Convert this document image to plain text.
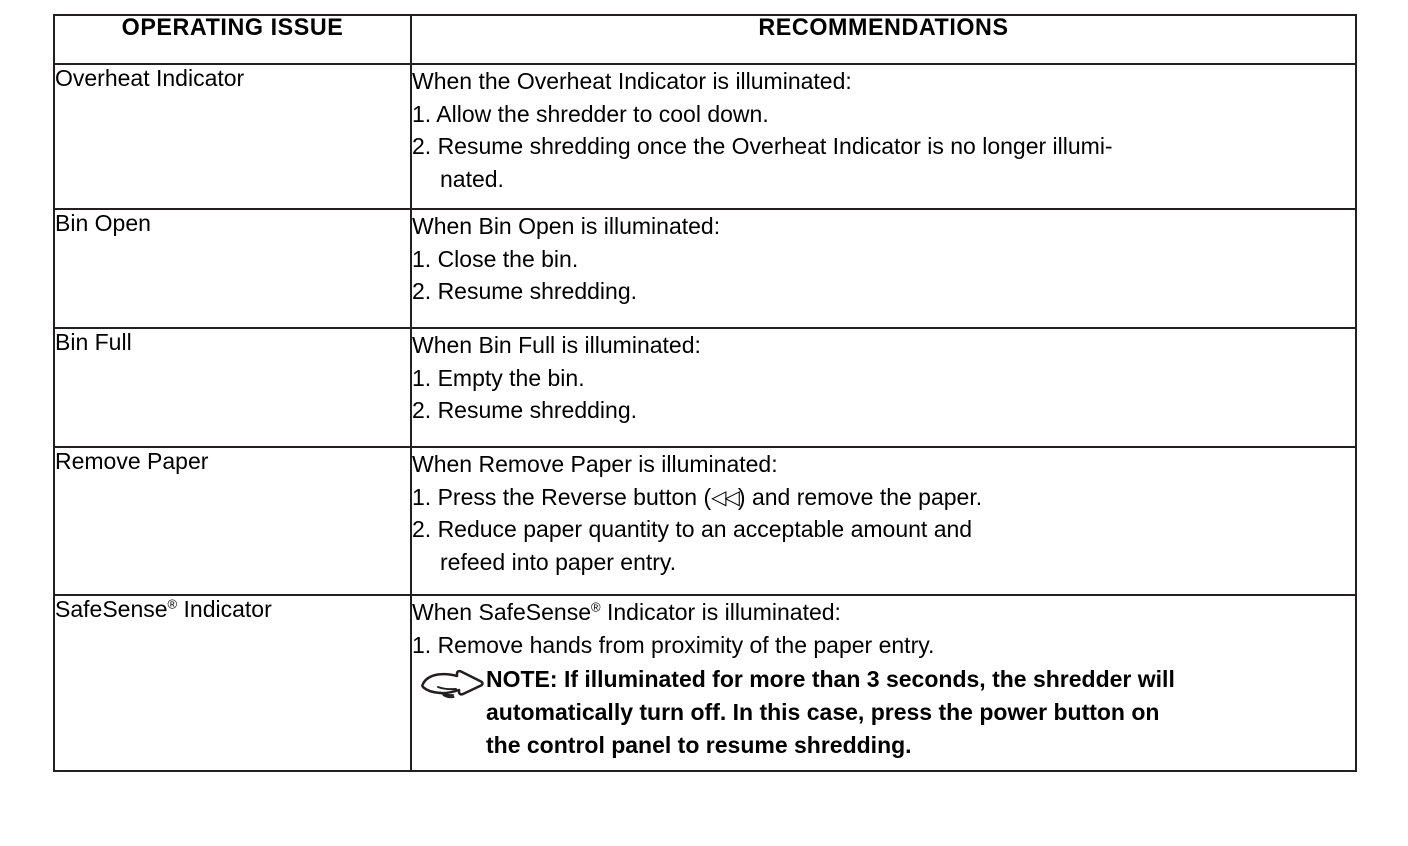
OPERATING ISSUE	RECOMMENDATIONS

Overheat Indicator	When the Overheat Indicator is illuminated:
1. Allow the shredder to cool down.
2. Resume shredding once the Overheat Indicator is no longer illumi-
nated.

Bin Open	When Bin Open is illuminated:
1. Close the bin.
2. Resume shredding.

Bin Full	When Bin Full is illuminated:
1. Empty the bin.
2. Resume shredding.

Remove Paper	When Remove Paper is illuminated:
1. Press the Reverse button (◁◁) and remove the paper.
2. Reduce paper quantity to an acceptable amount and
refeed into paper entry.

SafeSense® Indicator	When SafeSense® Indicator is illuminated:
1. Remove hands from proximity of the paper entry.
NOTE: If illuminated for more than 3 seconds, the shredder will
automatically turn off. In this case, press the power button on
the control panel to resume shredding.
